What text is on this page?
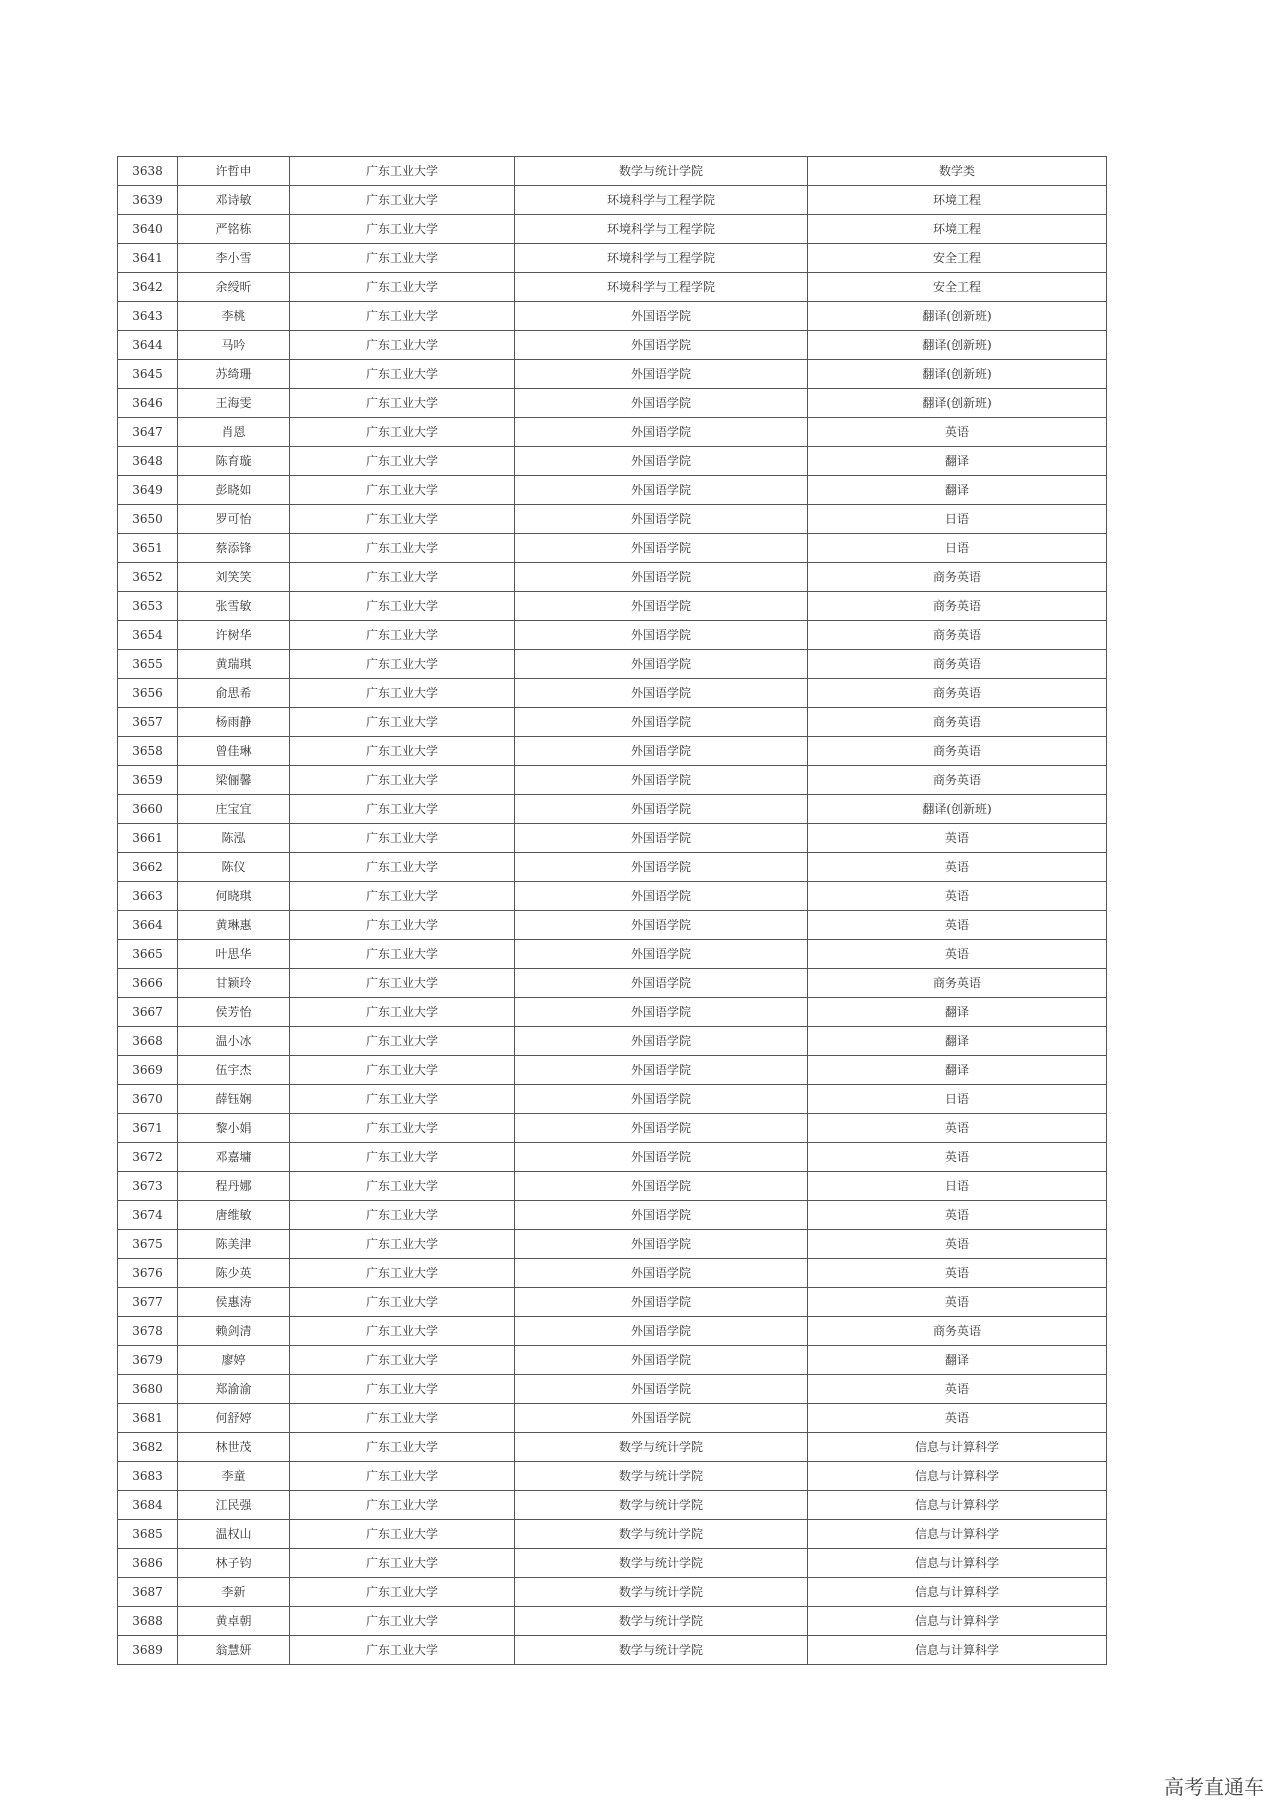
3638	许哲申	广东工业大学	数学与统计学院	数学类
3639	邓诗敏	广东工业大学	环境科学与工程学院	环境工程
3640	严铭栋	广东工业大学	环境科学与工程学院	环境工程
3641	李小雪	广东工业大学	环境科学与工程学院	安全工程
3642	余绶昕	广东工业大学	环境科学与工程学院	安全工程
3643	李桃	广东工业大学	外国语学院	翻译(创新班)
3644	马吟	广东工业大学	外国语学院	翻译(创新班)
3645	苏绮珊	广东工业大学	外国语学院	翻译(创新班)
3646	王海雯	广东工业大学	外国语学院	翻译(创新班)
3647	肖恩	广东工业大学	外国语学院	英语
3648	陈育璇	广东工业大学	外国语学院	翻译
3649	彭晓如	广东工业大学	外国语学院	翻译
3650	罗可怡	广东工业大学	外国语学院	日语
3651	蔡添锋	广东工业大学	外国语学院	日语
3652	刘笑笑	广东工业大学	外国语学院	商务英语
3653	张雪敏	广东工业大学	外国语学院	商务英语
3654	许树华	广东工业大学	外国语学院	商务英语
3655	黄瑞琪	广东工业大学	外国语学院	商务英语
3656	俞思希	广东工业大学	外国语学院	商务英语
3657	杨雨静	广东工业大学	外国语学院	商务英语
3658	曾佳琳	广东工业大学	外国语学院	商务英语
3659	梁俪馨	广东工业大学	外国语学院	商务英语
3660	庄宝宜	广东工业大学	外国语学院	翻译(创新班)
3661	陈泓	广东工业大学	外国语学院	英语
3662	陈仪	广东工业大学	外国语学院	英语
3663	何晓琪	广东工业大学	外国语学院	英语
3664	黄琳惠	广东工业大学	外国语学院	英语
3665	叶思华	广东工业大学	外国语学院	英语
3666	甘颖玲	广东工业大学	外国语学院	商务英语
3667	侯芳怡	广东工业大学	外国语学院	翻译
3668	温小冰	广东工业大学	外国语学院	翻译
3669	伍宇杰	广东工业大学	外国语学院	翻译
3670	薛钰娴	广东工业大学	外国语学院	日语
3671	黎小娟	广东工业大学	外国语学院	英语
3672	邓嘉墉	广东工业大学	外国语学院	英语
3673	程丹娜	广东工业大学	外国语学院	日语
3674	唐维敏	广东工业大学	外国语学院	英语
3675	陈美津	广东工业大学	外国语学院	英语
3676	陈少英	广东工业大学	外国语学院	英语
3677	侯惠涛	广东工业大学	外国语学院	英语
3678	赖剑清	广东工业大学	外国语学院	商务英语
3679	廖婷	广东工业大学	外国语学院	翻译
3680	郑渝渝	广东工业大学	外国语学院	英语
3681	何舒婷	广东工业大学	外国语学院	英语
3682	林世茂	广东工业大学	数学与统计学院	信息与计算科学
3683	李童	广东工业大学	数学与统计学院	信息与计算科学
3684	江民强	广东工业大学	数学与统计学院	信息与计算科学
3685	温权山	广东工业大学	数学与统计学院	信息与计算科学
3686	林子钧	广东工业大学	数学与统计学院	信息与计算科学
3687	李新	广东工业大学	数学与统计学院	信息与计算科学
3688	黄卓朝	广东工业大学	数学与统计学院	信息与计算科学
3689	翁慧妍	广东工业大学	数学与统计学院	信息与计算科学
高考直通车
